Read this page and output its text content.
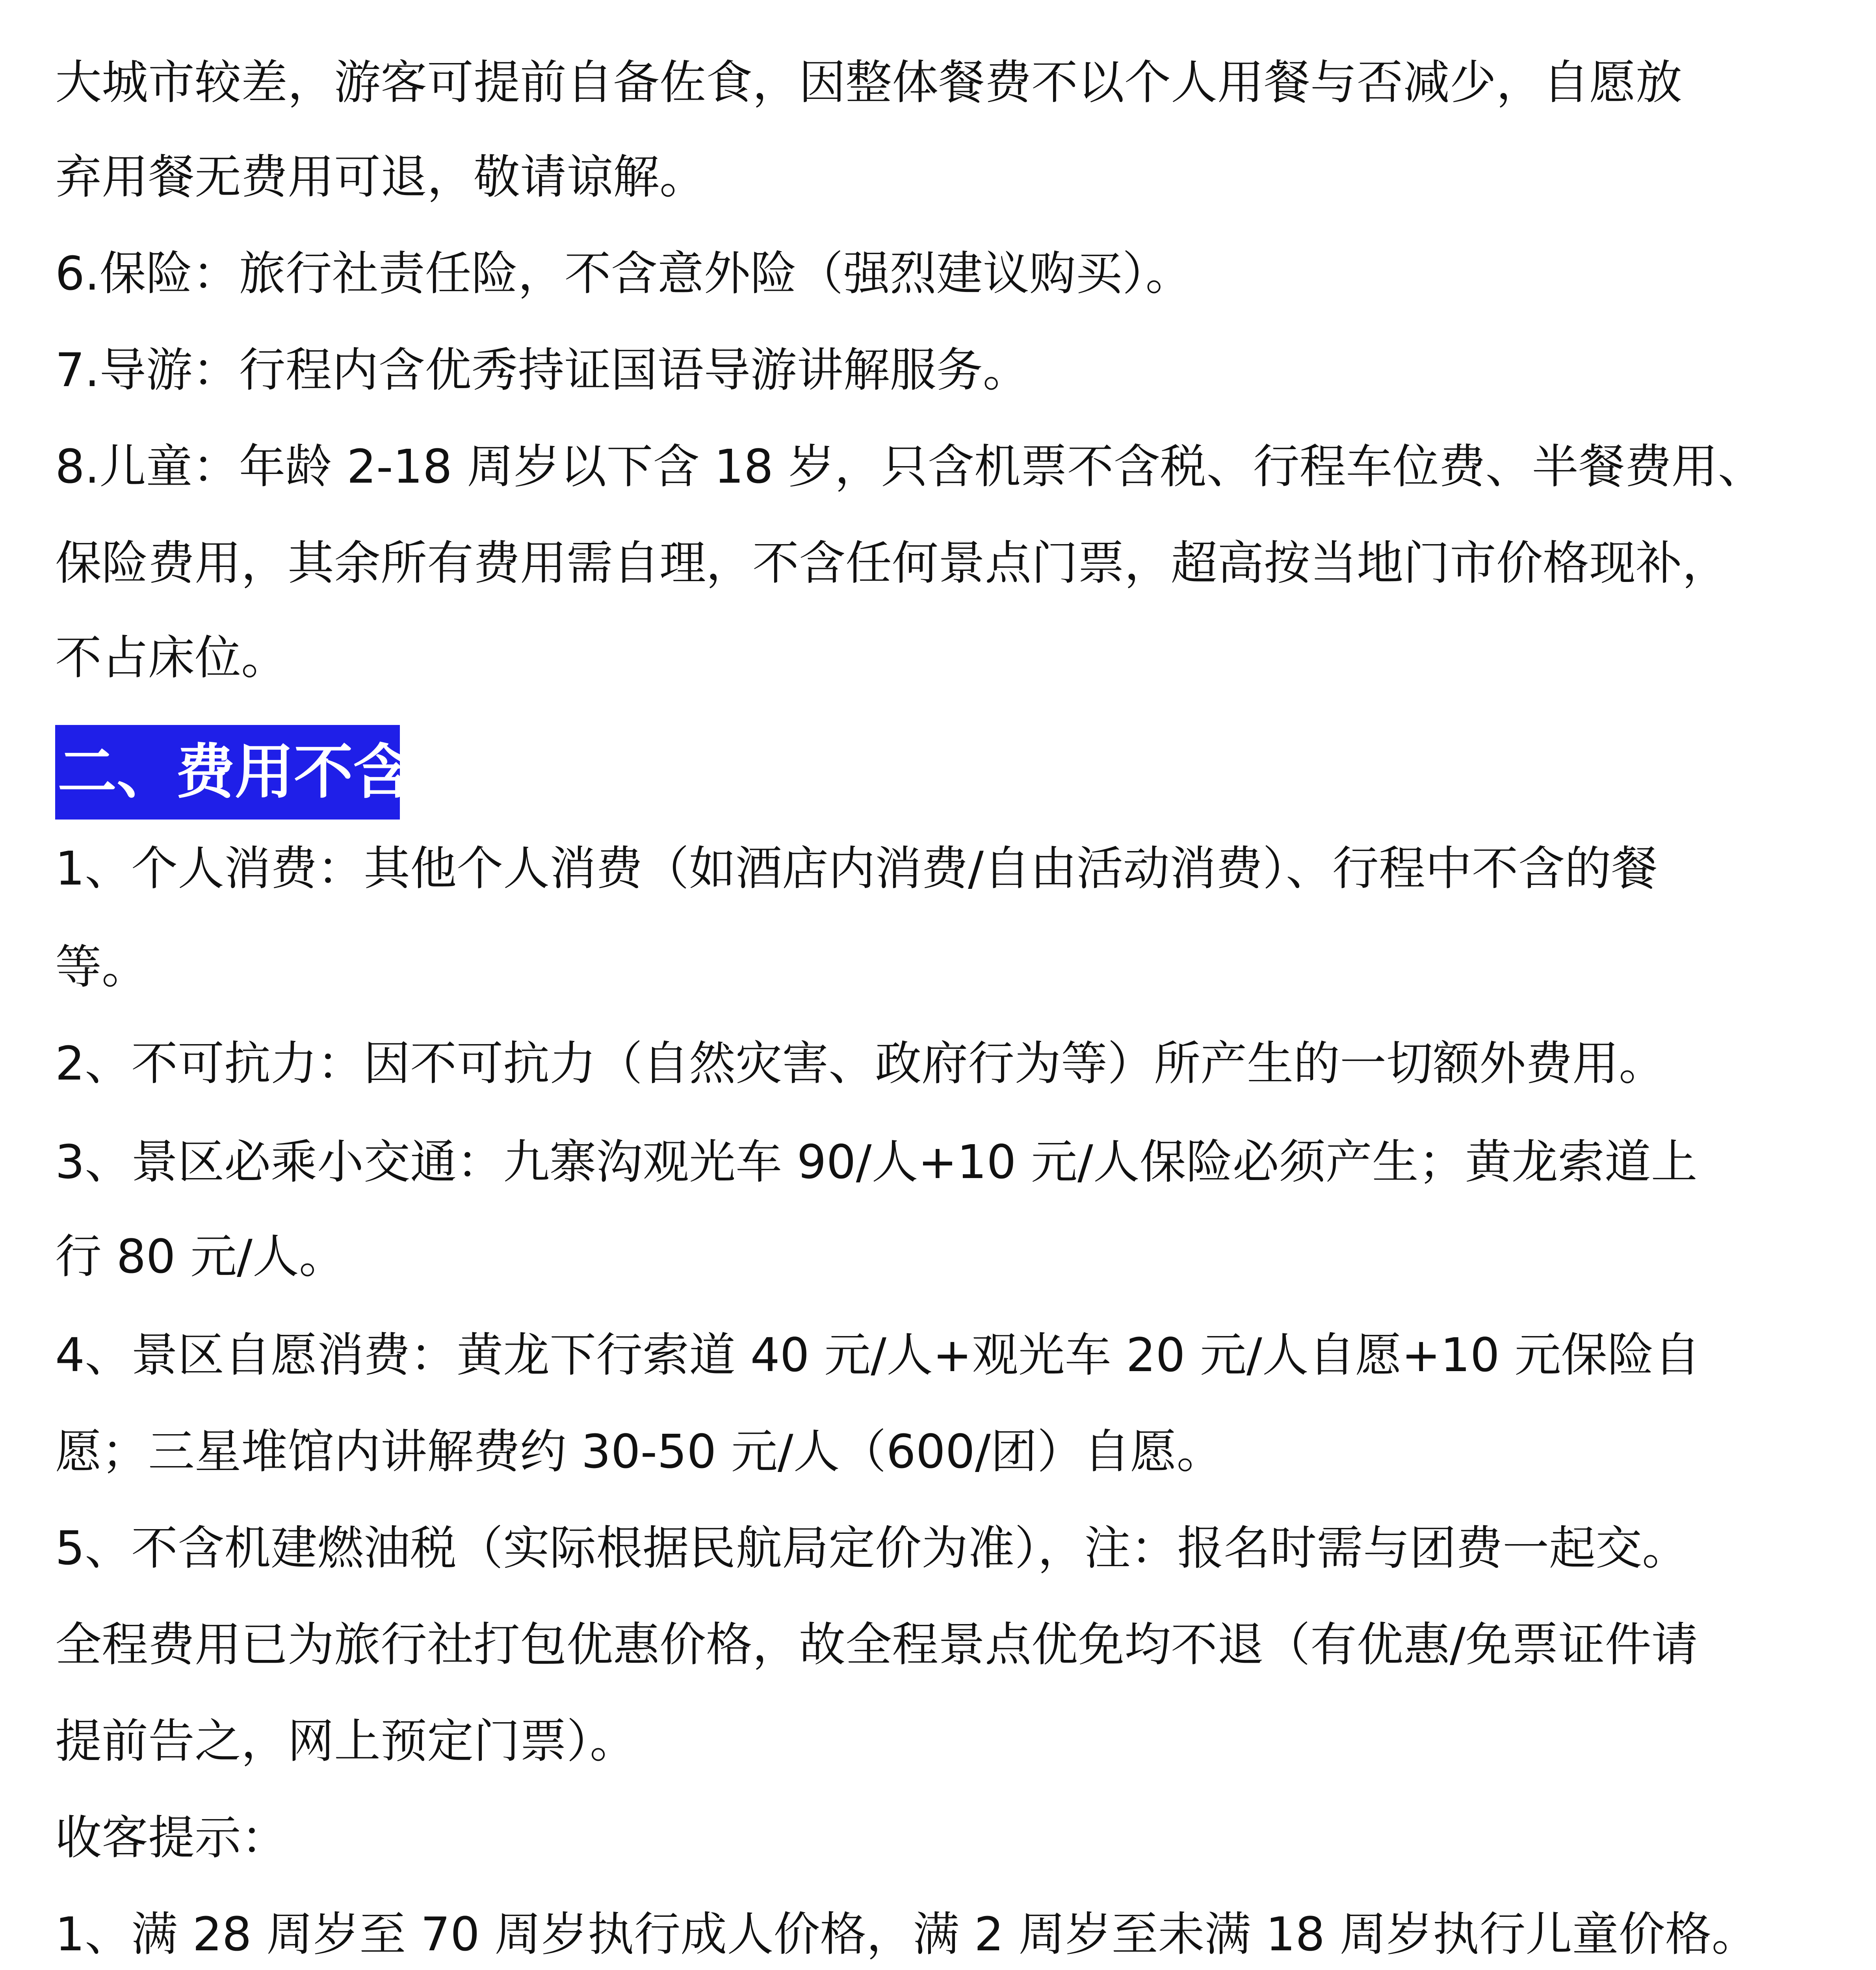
大城市较差，游客可提前自备佐食，因整体餐费不以个人用餐与否减少，自愿放
弃用餐无费用可退，敬请谅解。
6.保险：旅行社责任险，不含意外险（强烈建议购买）。
7.导游：行程内含优秀持证国语导游讲解服务。
8.儿童：年龄 2-18 周岁以下含 18 岁，只含机票不含税、行程车位费、半餐费用、
保险费用，其余所有费用需自理，不含任何景点门票，超高按当地门市价格现补，
不占床位。
二、费用不含
1、个人消费：其他个人消费（如酒店内消费/自由活动消费）、行程中不含的餐
等。
2、不可抗力：因不可抗力（自然灾害、政府行为等）所产生的一切额外费用。
3、景区必乘小交通：九寨沟观光车 90/人+10 元/人保险必须产生；黄龙索道上
行 80 元/人。
4、景区自愿消费：黄龙下行索道 40 元/人+观光车 20 元/人自愿+10 元保险自
愿；三星堆馆内讲解费约 30-50 元/人（600/团）自愿。
5、不含机建燃油税（实际根据民航局定价为准），注：报名时需与团费一起交。
全程费用已为旅行社打包优惠价格，故全程景点优免均不退（有优惠/免票证件请
提前告之，网上预定门票）。
收客提示：
1、满 28 周岁至 70 周岁执行成人价格，满 2 周岁至未满 18 周岁执行儿童价格。
